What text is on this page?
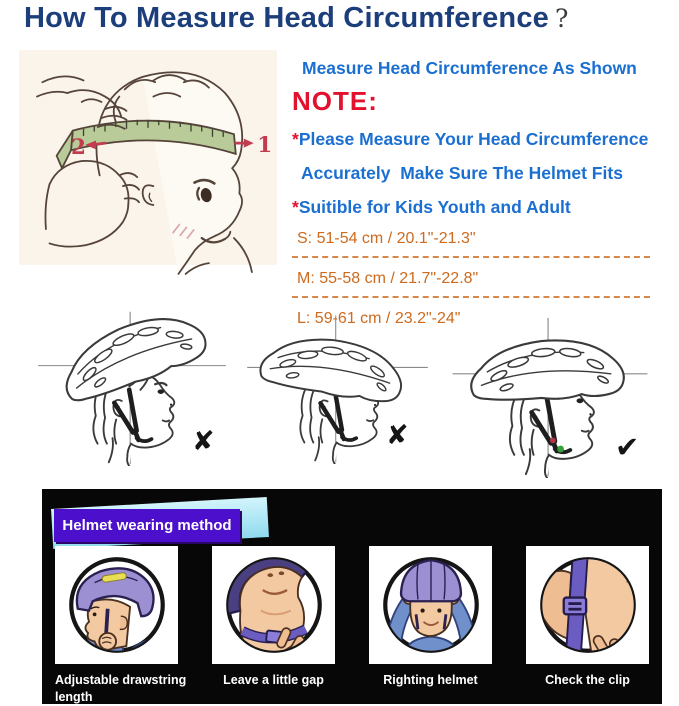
How To Measure Head Circumference ?
2	1
Measure Head Circumference As Shown
NOTE:
*Please Measure Your Head Circumference
Accurately  Make Sure The Helmet Fits
*Suitible for Kids Youth and Adult
S: 51-54 cm / 20.1"-21.3"
M: 55-58 cm / 21.7"-22.8"
L: 59-61 cm / 23.2"-24"
✘	✘	✔
Helmet wearing method
Adjustable drawstring length
Leave a little gap	Righting helmet	Check the clip
